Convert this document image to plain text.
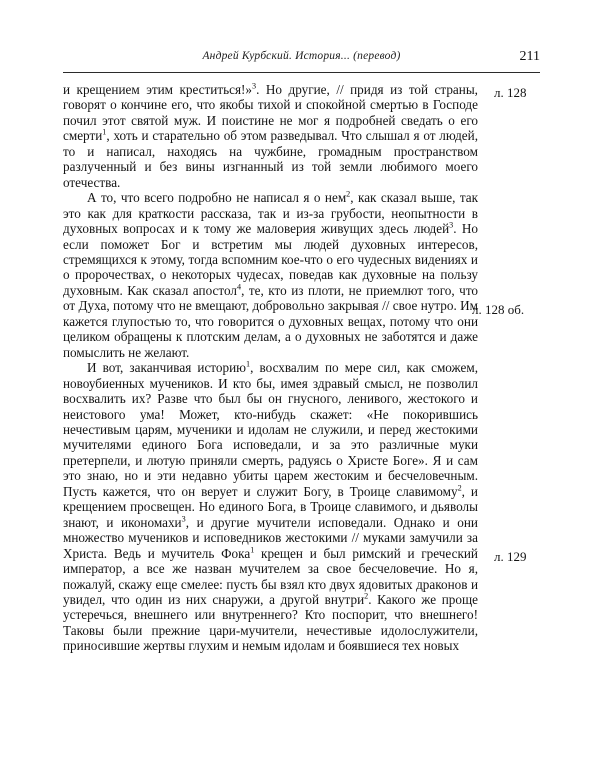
Андрей Курбский. История... (перевод)	211

и крещением этим креститься!»$^3$. Но другие, // придя из той страны, говорят о кончине его, что якобы тихой и спокойной смертью в Господе почил этот святой муж. И поистине не мог я подробней сведать о его смерти$^1$, хоть и старательно об этом разведывал. Что слышал я от людей, то и написал, находясь на чужбине, громадным пространством разлученный и без вины изгнанный из той земли любимого моего отечества.

А то, что всего подробно не написал я о нем$^2$, как сказал выше, так это как для краткости рассказа, так и из-за грубости, неопытности в духовных вопросах и к тому же маловерия живущих здесь людей$^3$. Но если поможет Бог и встретим мы людей духовных интересов, стремящихся к этому, тогда вспомним кое-что о его чудесных видениях и о пророчествах, о некоторых чудесах, поведав как духовные на пользу духовным. Как сказал апостол$^4$, те, кто из плоти, не приемлют того, что от Духа, потому что не вмещают, добровольно закрывая // свое нутро. Им кажется глупостью то, что говорится о духовных вещах, потому что они целиком обращены к плотским делам, а о духовных не заботятся и даже помыслить не желают.

И вот, заканчивая историю$^1$, восхвалим по мере сил, как сможем, новоубиенных мучеников. И кто бы, имея здравый смысл, не позволил восхвалить их? Разве что был бы он гнусного, ленивого, жестокого и неистового ума! Может, кто-нибудь скажет: «Не покорившись нечестивым царям, мученики и идолам не служили, и перед жестокими мучителями единого Бога исповедали, и за это различные муки претерпели, и лютую приняли смерть, радуясь о Христе Боге». Я и сам это знаю, но и эти недавно убиты царем жестоким и бесчеловечным. Пусть кажется, что он верует и служит Богу, в Троице славимому$^2$, и крещением просвещен. Но единого Бога, в Троице славимого, и дьяволы знают, и икономахи$^3$, и другие мучители исповедали. Однако и они множество мучеников и исповедников жестокими // муками замучили за Христа. Ведь и мучитель Фока$^1$ крещен и был римский и греческий император, а все же назван мучителем за свое бесчеловечие. Но я, пожалуй, скажу еще смелее: пусть бы взял кто двух ядовитых драконов и увидел, что один из них снаружи, а другой внутри$^2$. Какого же проще устеречься, внешнего или внутреннего? Кто поспорит, что внешнего! Таковы были прежние цари-мучители, нечестивые идолослужители, приносившие жертвы глухим и немым идолам и боявшиеся тех новых

л. 128
л. 128 об.
л. 129
